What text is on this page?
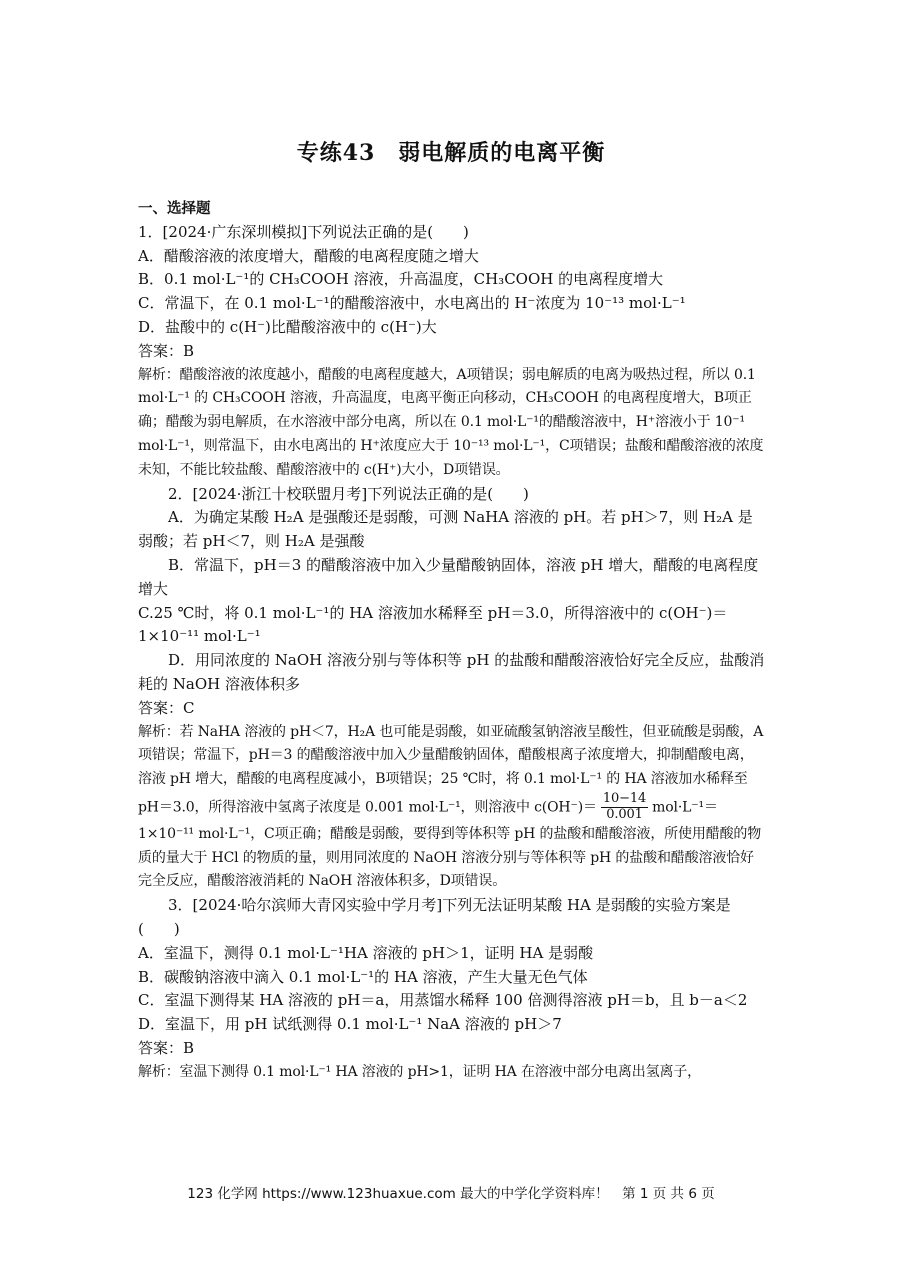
专练43　弱电解质的电离平衡

一、选择题

1．[2024·广东深圳模拟]下列说法正确的是(　　)

A．醋酸溶液的浓度增大，醋酸的电离程度随之增大

B．0.1 mol·L⁻¹的 CH₃COOH 溶液，升高温度，CH₃COOH 的电离程度增大

C．常温下，在 0.1 mol·L⁻¹的醋酸溶液中，水电离出的 H⁻浓度为 10⁻¹³ mol·L⁻¹

D．盐酸中的 c(H⁻)比醋酸溶液中的 c(H⁻)大

答案：B

解析：醋酸溶液的浓度越小，醋酸的电离程度越大，A项错误；弱电解质的电离为吸热过程，所以 0.1 mol·L⁻¹ 的 CH₃COOH 溶液，升高温度，电离平衡正向移动，CH₃COOH 的电离程度增大，B项正确；醋酸为弱电解质，在水溶液中部分电离，所以在 0.1 mol·L⁻¹的醋酸溶液中，H⁺溶液小于 10⁻¹ mol·L⁻¹，则常温下，由水电离出的 H⁺浓度应大于 10⁻¹³ mol·L⁻¹，C项错误；盐酸和醋酸溶液的浓度未知，不能比较盐酸、醋酸溶液中的 c(H⁺)大小，D项错误。

2．[2024·浙江十校联盟月考]下列说法正确的是(　　)

A．为确定某酸 H₂A 是强酸还是弱酸，可测 NaHA 溶液的 pH。若 pH＞7，则 H₂A 是弱酸；若 pH＜7，则 H₂A 是强酸

B．常温下，pH＝3 的醋酸溶液中加入少量醋酸钠固体，溶液 pH 增大，醋酸的电离程度增大

C.25 ℃时，将 0.1 mol·L⁻¹的 HA 溶液加水稀释至 pH＝3.0，所得溶液中的 c(OH⁻)＝1×10⁻¹¹ mol·L⁻¹

D．用同浓度的 NaOH 溶液分别与等体积等 pH 的盐酸和醋酸溶液恰好完全反应，盐酸消耗的 NaOH 溶液体积多

答案：C

解析：若 NaHA 溶液的 pH＜7，H₂A 也可能是弱酸，如亚硫酸氢钠溶液呈酸性，但亚硫酸是弱酸，A项错误；常温下，pH＝3 的醋酸溶液中加入少量醋酸钠固体，醋酸根离子浓度增大，抑制醋酸电离，溶液 pH 增大，醋酸的电离程度减小，B项错误；25 ℃时，将 0.1 mol·L⁻¹ 的 HA 溶液加水稀释至 pH＝3.0，所得溶液中氢离子浓度是 0.001 mol·L⁻¹，则溶液中 $c(OH^-)= \frac{10-14}{0.001} mol\cdot L^{-1}=1\times 10^{-11}$ mol·L⁻¹，C项正确；醋酸是弱酸，要得到等体积等 pH 的盐酸和醋酸溶液，所使用醋酸的物质的量大于 HCl 的物质的量，则用同浓度的 NaOH 溶液分别与等体积等 pH 的盐酸和醋酸溶液恰好完全反应，醋酸溶液消耗的 NaOH 溶液体积多，D项错误。

3．[2024·哈尔滨师大青冈实验中学月考]下列无法证明某酸 HA 是弱酸的实验方案是(　　)

A．室温下，测得 0.1 mol·L⁻¹HA 溶液的 pH＞1，证明 HA 是弱酸

B．碳酸钠溶液中滴入 0.1 mol·L⁻¹的 HA 溶液，产生大量无色气体

C．室温下测得某 HA 溶液的 pH＝a，用蒸馏水稀释 100 倍测得溶液 pH＝b，且 b－a＜2

D．室温下，用 pH 试纸测得 0.1 mol·L⁻¹ NaA 溶液的 pH＞7

答案：B

解析：室温下测得 0.1 mol·L⁻¹ HA 溶液的 pH>1，证明 HA 在溶液中部分电离出氢离子，

123 化学网 https://www.123huaxue.com 最大的中学化学资料库！　第 1 页 共 6 页
